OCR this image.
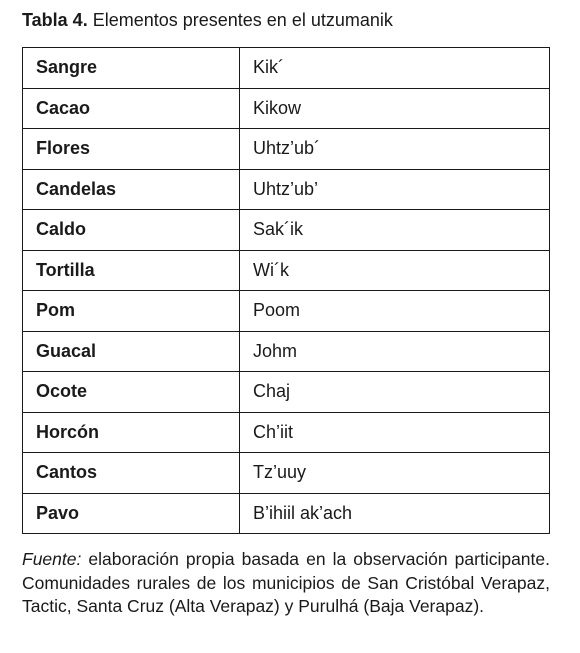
Tabla 4. Elementos presentes en el utzumanik
Sangre	Kik´
Cacao	Kikow
Flores	Uhtz’ub´
Candelas	Uhtz’ub’
Caldo	Sak´ik
Tortilla	Wi´k
Pom	Poom
Guacal	Johm
Ocote	Chaj
Horcón	Ch’iit
Cantos	Tz’uuy
Pavo	B’ihiil ak’ach
Fuente: elaboración propia basada en la observación participante. Comunidades rurales de los municipios de San Cristóbal Verapaz, Tactic, Santa Cruz (Alta Verapaz) y Purulhá (Baja Verapaz).
